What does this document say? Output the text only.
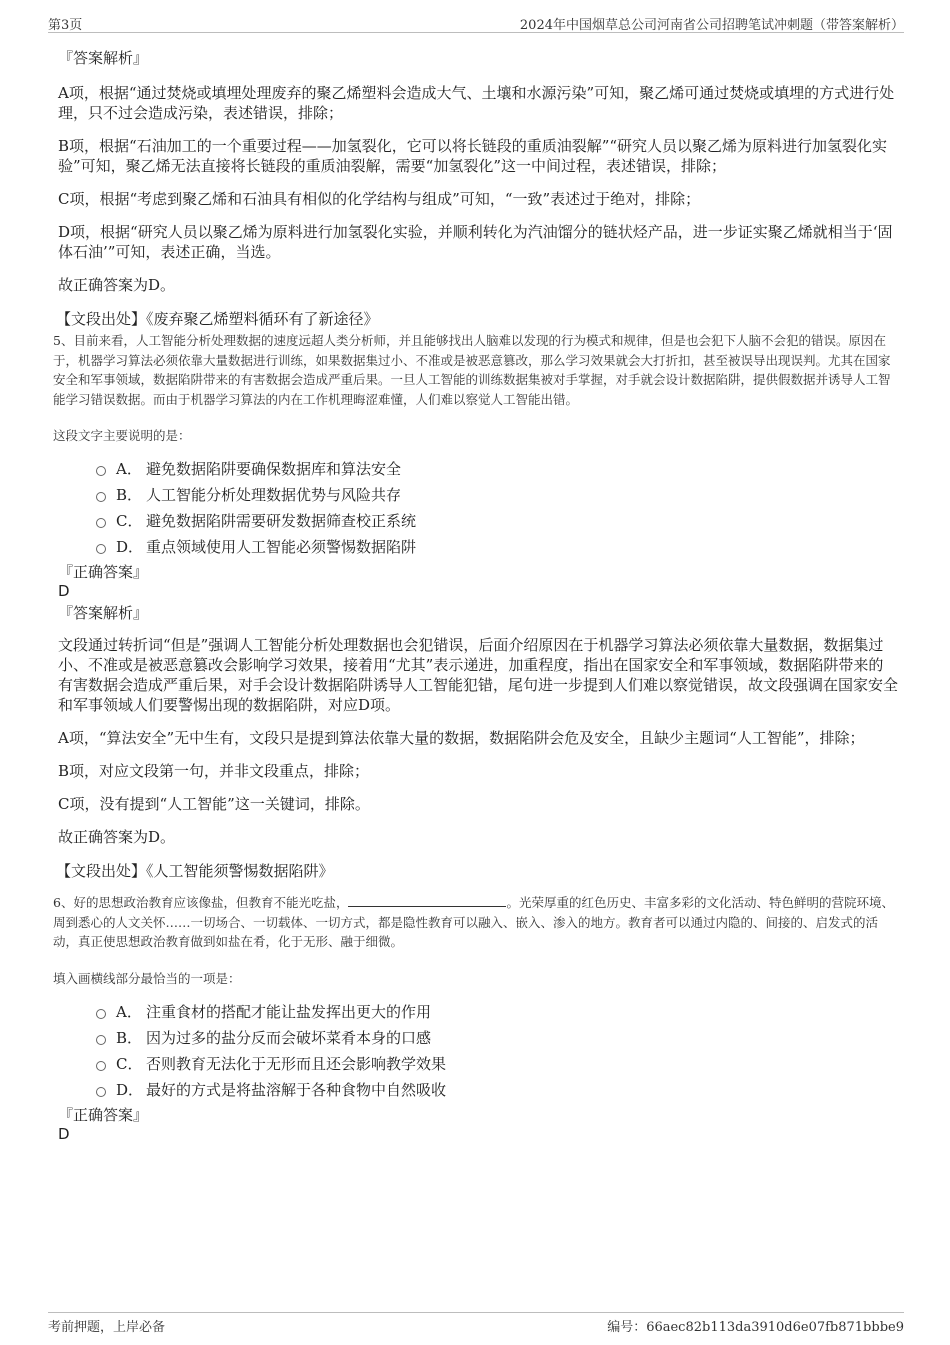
第3页	2024年中国烟草总公司河南省公司招聘笔试冲刺题（带答案解析）
『答案解析』

A项，根据“通过焚烧或填埋处理废弃的聚乙烯塑料会造成大气、土壤和水源污染”可知，聚乙烯可通过焚烧或填埋的方式进行处理，只不过会造成污染，表述错误，排除；

B项，根据“石油加工的一个重要过程——加氢裂化，它可以将长链段的重质油裂解”“研究人员以聚乙烯为原料进行加氢裂化实验”可知，聚乙烯无法直接将长链段的重质油裂解，需要“加氢裂化”这一中间过程，表述错误，排除；

C项，根据“考虑到聚乙烯和石油具有相似的化学结构与组成”可知，“一致”表述过于绝对，排除；

D项，根据“研究人员以聚乙烯为原料进行加氢裂化实验，并顺利转化为汽油馏分的链状烃产品，进一步证实聚乙烯就相当于‘固体石油’”可知，表述正确，当选。

故正确答案为D。

【文段出处】《废弃聚乙烯塑料循环有了新途径》

5、目前来看，人工智能分析处理数据的速度远超人类分析师，并且能够找出人脑难以发现的行为模式和规律，但是也会犯下人脑不会犯的错误。原因在于，机器学习算法必须依靠大量数据进行训练，如果数据集过小、不准或是被恶意篡改，那么学习效果就会大打折扣，甚至被误导出现误判。尤其在国家安全和军事领域，数据陷阱带来的有害数据会造成严重后果。一旦人工智能的训练数据集被对手掌握，对手就会设计数据陷阱，提供假数据并诱导人工智能学习错误数据。而由于机器学习算法的内在工作机理晦涩难懂，人们难以察觉人工智能出错。

这段文字主要说明的是：

A． 避免数据陷阱要确保数据库和算法安全
B． 人工智能分析处理数据优势与风险共存
C． 避免数据陷阱需要研发数据筛查校正系统
D． 重点领域使用人工智能必须警惕数据陷阱
『正确答案』
D
『答案解析』

文段通过转折词“但是”强调人工智能分析处理数据也会犯错误，后面介绍原因在于机器学习算法必须依靠大量数据，数据集过小、不准或是被恶意篡改会影响学习效果，接着用“尤其”表示递进，加重程度，指出在国家安全和军事领域，数据陷阱带来的有害数据会造成严重后果，对手会设计数据陷阱诱导人工智能犯错，尾句进一步提到人们难以察觉错误，故文段强调在国家安全和军事领域人们要警惕出现的数据陷阱，对应D项。

A项，“算法安全”无中生有，文段只是提到算法依靠大量的数据，数据陷阱会危及安全，且缺少主题词“人工智能”，排除；

B项，对应文段第一句，并非文段重点，排除；

C项，没有提到“人工智能”这一关键词，排除。

故正确答案为D。

【文段出处】《人工智能须警惕数据陷阱》

6、好的思想政治教育应该像盐，但教育不能光吃盐，	。光荣厚重的红色历史、丰富多彩的文化活动、特色鲜明的营院环境、周到悉心的人文关怀……一切场合、一切载体、一切方式，都是隐性教育可以融入、嵌入、渗入的地方。教育者可以通过内隐的、间接的、启发式的活动，真正使思想政治教育做到如盐在肴，化于无形、融于细微。

填入画横线部分最恰当的一项是：

A． 注重食材的搭配才能让盐发挥出更大的作用
B． 因为过多的盐分反而会破坏菜肴本身的口感
C． 否则教育无法化于无形而且还会影响教学效果
D． 最好的方式是将盐溶解于各种食物中自然吸收
『正确答案』
D
考前押题，上岸必备	编号：66aec82b113da3910d6e07fb871bbbe9
